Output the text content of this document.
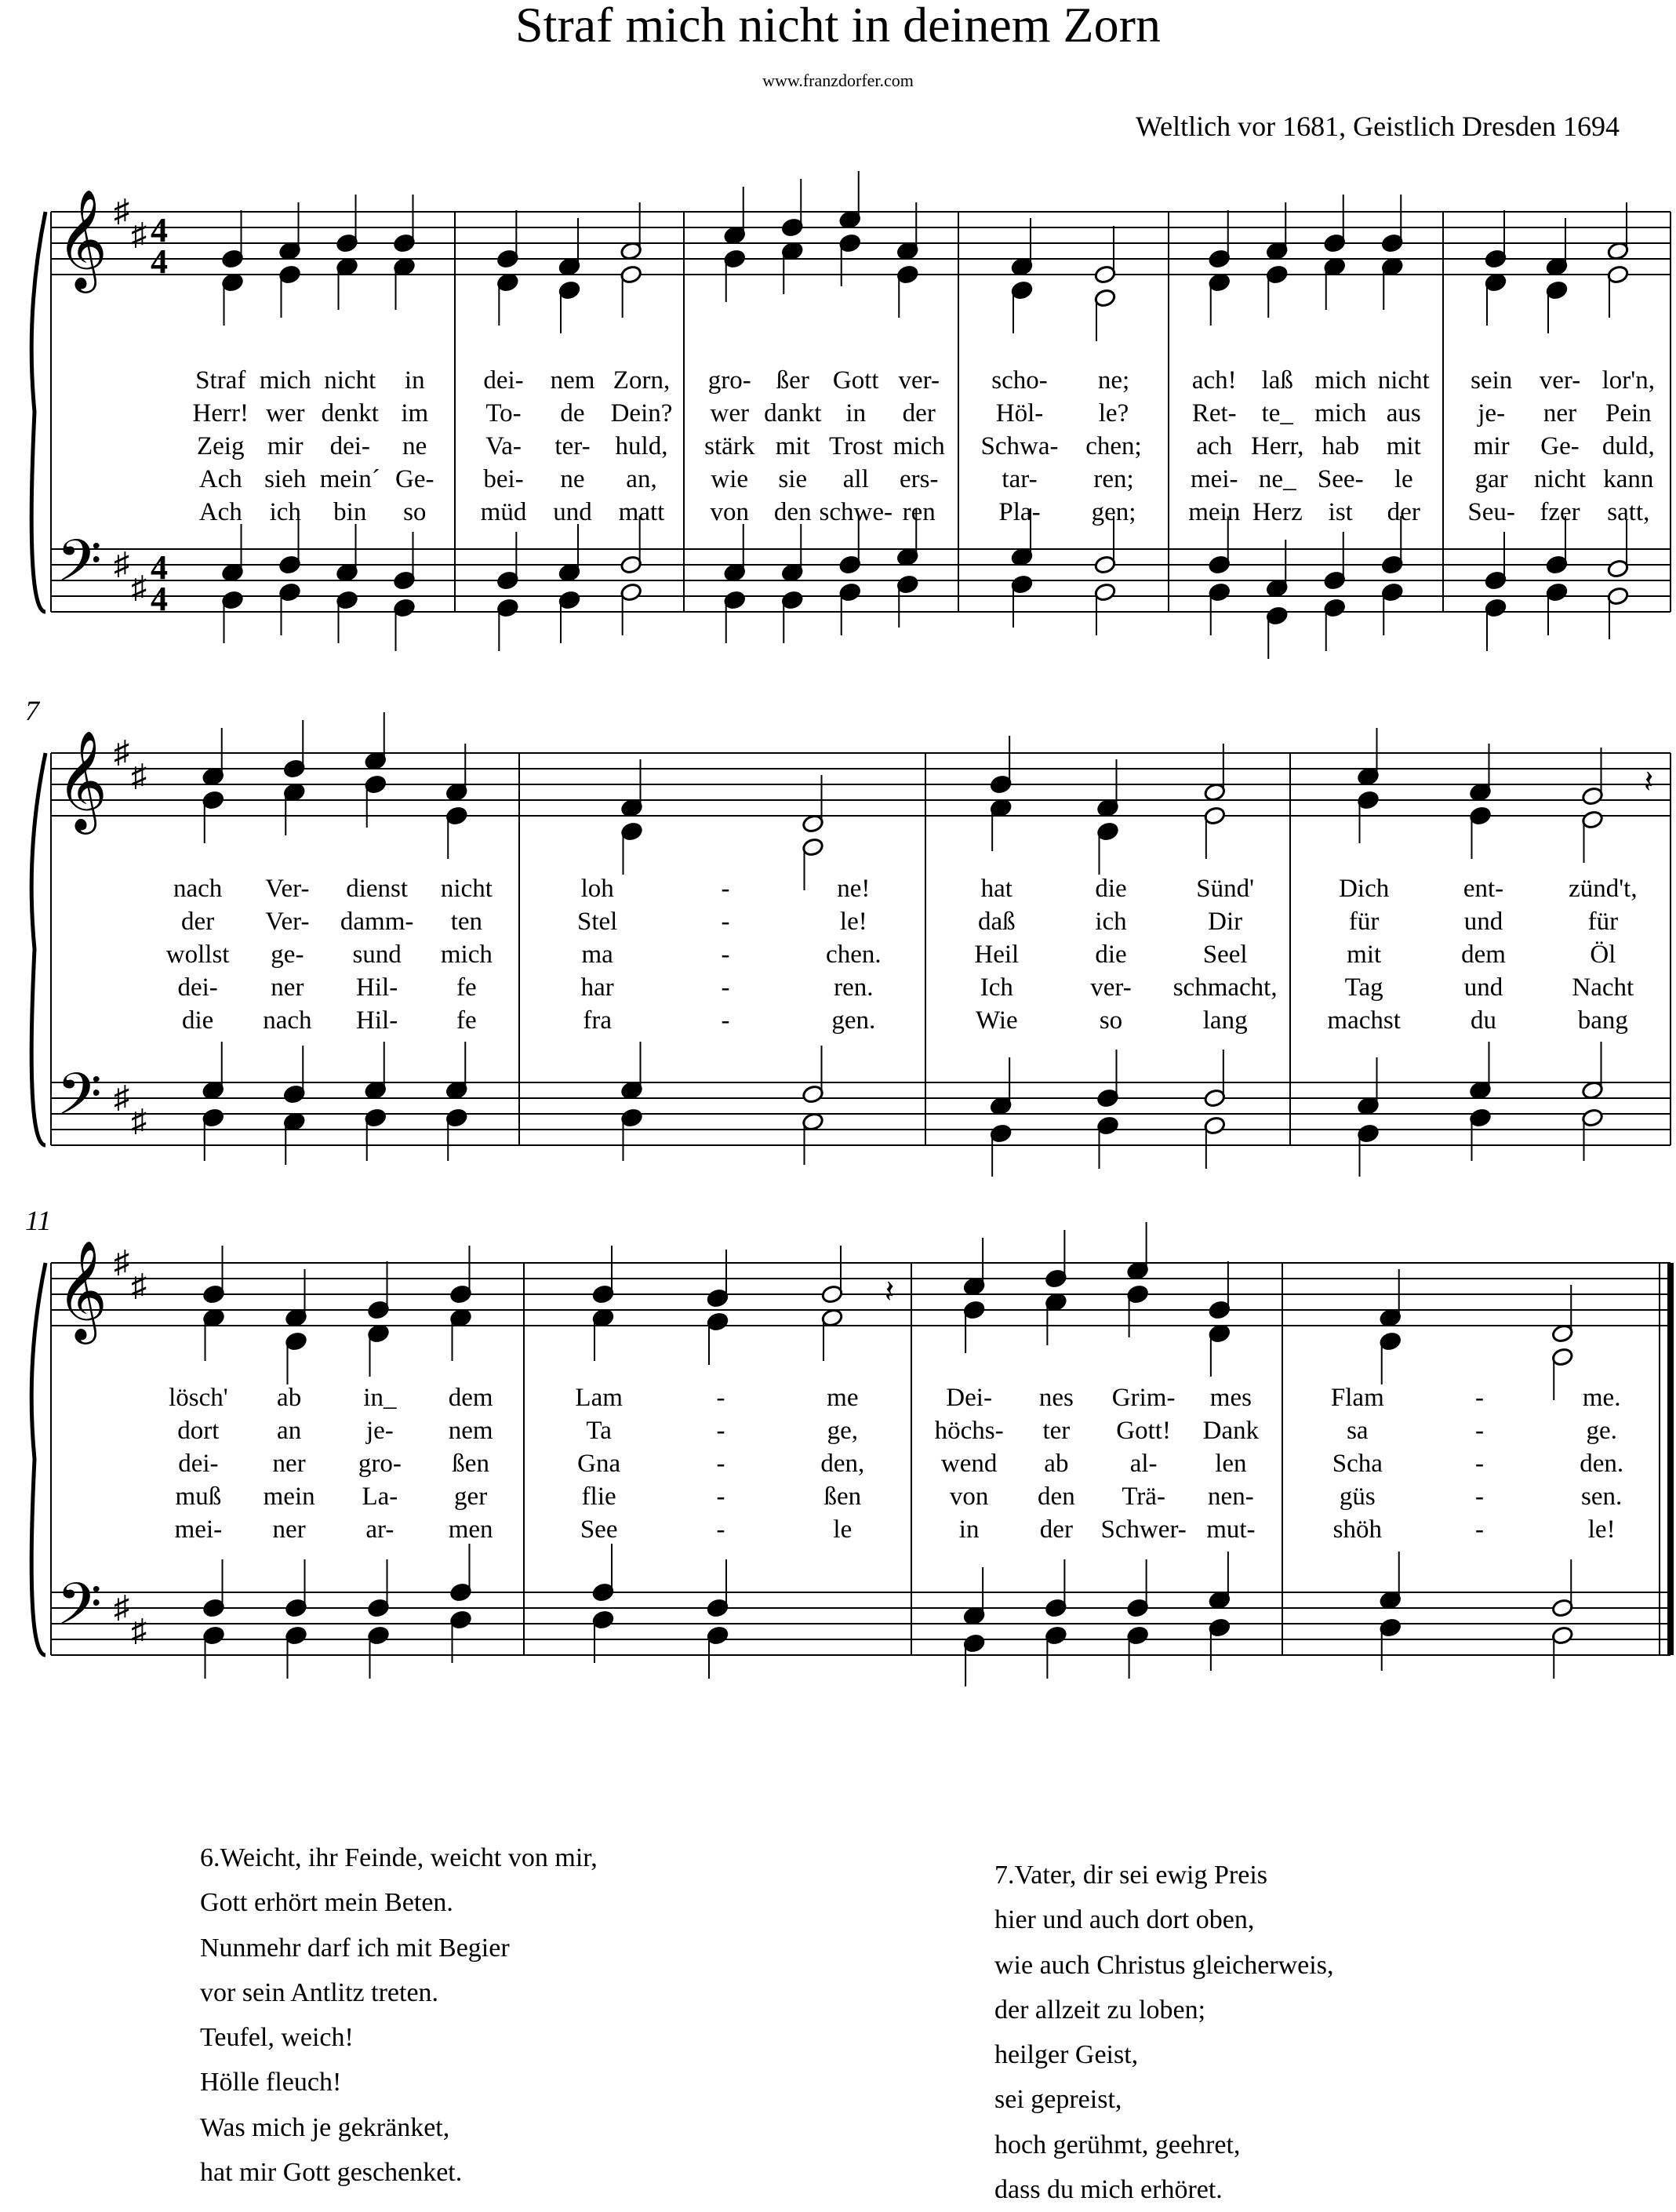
Straf mich nicht in deinem Zorn
www.franzdorfer.com
Weltlich vor 1681, Geistlich Dresden 1694
𝄞
𝄢
♯
♯
♯
♯
4
4
4
4
Straf mich nicht in dei- nem Zorn, gro- ßer Gott ver- scho- ne; ach! laß mich nicht sein ver- lor'n,
Herr! wer denkt im To- de Dein? wer dankt in der Höl- le? Ret- te_ mich aus je- ner Pein
Zeig mir dei- ne Va- ter- huld, stärk mit Trost mich Schwa- chen; ach Herr, hab mit mir Ge- duld,
Ach sieh mein´ Ge- bei- ne an, wie sie all ers- tar- ren; mei- ne_ See- le gar nicht kann
Ach ich bin so müd und matt von den schwe- ren Pla- gen; mein Herz ist der Seu- fzer satt,
𝄞
𝄢
♯
♯
♯
♯
7
𝄽
nach Ver- dienst nicht	loh	-	ne!	hat	die	Sünd'	Dich	ent-	zünd't,
der Ver- damm- ten	Stel	-	le!	daß	ich	Dir	für	und	für
wollst ge- sund mich	ma	-	chen.	Heil	die	Seel	mit	dem	Öl
dei- ner Hil- fe	har	-	ren.	Ich	ver- schmacht,	Tag	und	Nacht
die nach Hil- fe	fra	-	gen.	Wie	so	lang	machst	du	bang
𝄞
𝄢
♯
♯
♯
♯
11
𝄽
lösch' ab in_ dem	Lam	-	me	Dei- nes Grim- mes	Flam	-	me.
dort an	je- nem	Ta	-	ge,	höchs- ter Gott! Dank	sa	-	ge.
dei- ner gro- ßen	Gna	-	den,	wend ab al- len	Scha	-	den.
muß mein La- ger	flie	-	ßen	von den Trä- nen-	güs	-	sen.
mei- ner ar- men	See	-	le	in der Schwer- mut-	shöh	-	le!
6.Weicht, ihr Feinde, weicht von mir,
Gott erhört mein Beten.
Nunmehr darf ich mit Begier
vor sein Antlitz treten.
Teufel, weich!
Hölle fleuch!
Was mich je gekränket,
hat mir Gott geschenket.
7.Vater, dir sei ewig Preis
hier und auch dort oben,
wie auch Christus gleicherweis,
der allzeit zu loben;
heilger Geist,
sei gepreist,
hoch gerühmt, geehret,
dass du mich erhöret.
